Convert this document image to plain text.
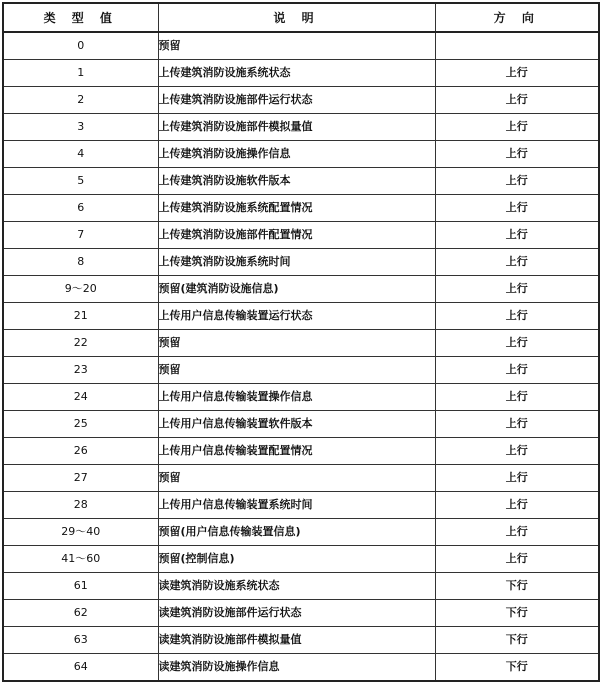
类 型 值	说 明	方 向
0	预留	
1	上传建筑消防设施系统状态	上行
2	上传建筑消防设施部件运行状态	上行
3	上传建筑消防设施部件模拟量值	上行
4	上传建筑消防设施操作信息	上行
5	上传建筑消防设施软件版本	上行
6	上传建筑消防设施系统配置情况	上行
7	上传建筑消防设施部件配置情况	上行
8	上传建筑消防设施系统时间	上行
9～20	预留(建筑消防设施信息)	上行
21	上传用户信息传输装置运行状态	上行
22	预留	上行
23	预留	上行
24	上传用户信息传输装置操作信息	上行
25	上传用户信息传输装置软件版本	上行
26	上传用户信息传输装置配置情况	上行
27	预留	上行
28	上传用户信息传输装置系统时间	上行
29～40	预留(用户信息传输装置信息)	上行
41～60	预留(控制信息)	上行
61	读建筑消防设施系统状态	下行
62	读建筑消防设施部件运行状态	下行
63	读建筑消防设施部件模拟量值	下行
64	读建筑消防设施操作信息	下行
